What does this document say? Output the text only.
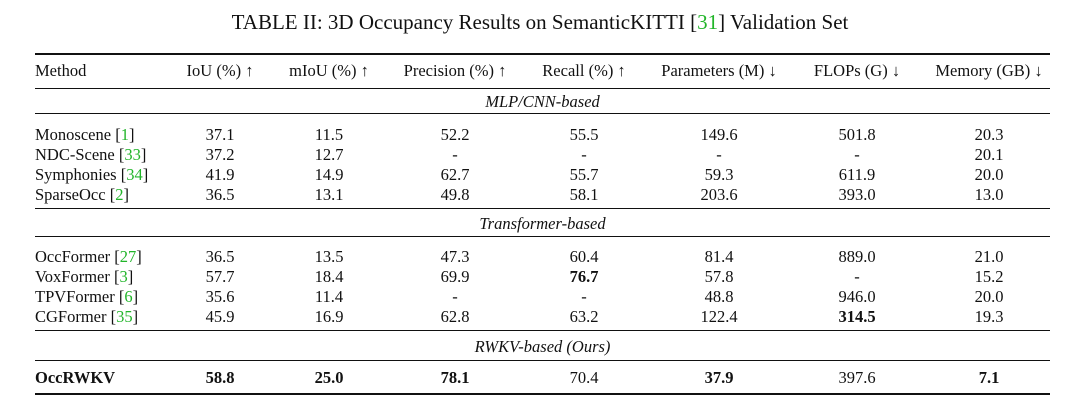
TABLE II: 3D Occupancy Results on SemanticKITTI [31] Validation Set
Method	IoU (%) ↑ mIoU (%) ↑ Precision (%) ↑ Recall (%) ↑ Parameters (M) ↓ FLOPs (G) ↓ Memory (GB) ↓
MLP/CNN-based
Monoscene [1]	37.1	11.5	52.2	55.5	149.6	501.8	20.3
NDC-Scene [33]	37.2	12.7	-	-	-	-	20.1
Symphonies [34]	41.9	14.9	62.7	55.7	59.3	611.9	20.0
SparseOcc [2]	36.5	13.1	49.8	58.1	203.6	393.0	13.0
Transformer-based
OccFormer [27]	36.5	13.5	47.3	60.4	81.4	889.0	21.0
VoxFormer [3]	57.7	18.4	69.9	76.7	57.8	-	15.2
TPVFormer [6]	35.6	11.4	-	-	48.8	946.0	20.0
CGFormer [35]	45.9	16.9	62.8	63.2	122.4	314.5	19.3
RWKV-based (Ours)
OccRWKV	58.8	25.0	78.1	70.4	37.9	397.6	7.1
